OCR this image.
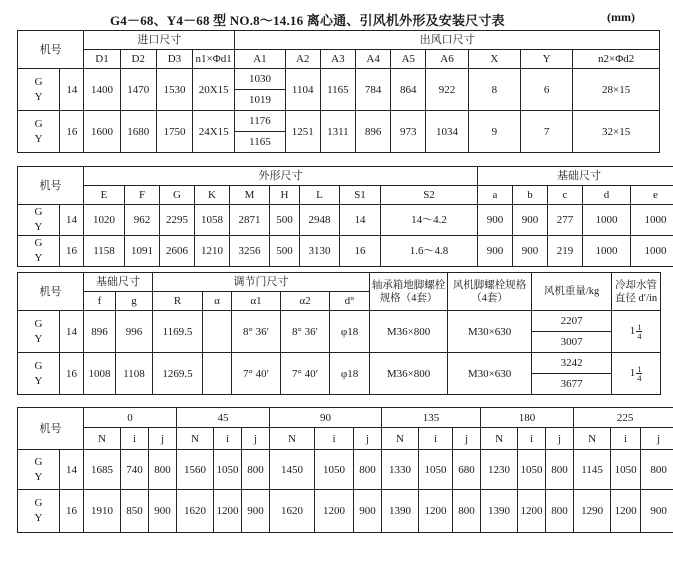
G4－68、Y4－68 型 NO.8～14.16 离心通、引风机外形及安装尺寸表	(mm)
机号		进口尺寸				出风口尺寸								
		D1	D2	D3	n1×Φd1	A1	A2	A3	A4	A5	A6	X	Y	n2×Φd2
G
Y	14	1400	1470	1530	20X15	1030	1104	1165	784	864	922	8	6	28×15
						1019								
G
Y	16	1600	1680	1750	24X15	1176	1251	1311	896	973	1034	9	7	32×15
						1165								
机号		外形尺寸									基础尺寸				
		E	F	G	K	M	H	L	S1	S2	a	b	c	d	e
G
Y	14	1020	962	2295	1058	2871	500	2948	14	14～4.2	900	900	277	1000	1000
G
Y	16	1158	1091	2606	1210	3256	500	3130	16	1.6～4.8	900	900	219	1000	1000
机号		基础尺寸		调节门尺寸					轴承箱地脚螺栓规格（4套）	风机脚螺栓规格（4套）	风机重量/kg	冷却水管直径 d′/in
		f	g	R	α	α1	α2	d°				
G
Y	14	896	996	1169.5		8° 36′	8° 36′	φ18	M36×800	M30×630	2207	$1 \frac{1}{4}$

											3007	
G
Y	16	1008	1108	1269.5		7° 40′	7° 40′	φ18	M36×800	M30×630	3242	$1 \frac{1}{4}$

											3677	
机号		0			45			90			135			180			225		
		N	i	j	N	i	j	N	i	j	N	i	j	N	i	j	N	i	j
G
Y	14	1685	740	800	1560	1050	800	1450	1050	800	1330	1050	680	1230	1050	800	1145	1050	800
G
Y	16	1910	850	900	1620	1200	900	1620	1200	900	1390	1200	800	1390	1200	800	1290	1200	900
